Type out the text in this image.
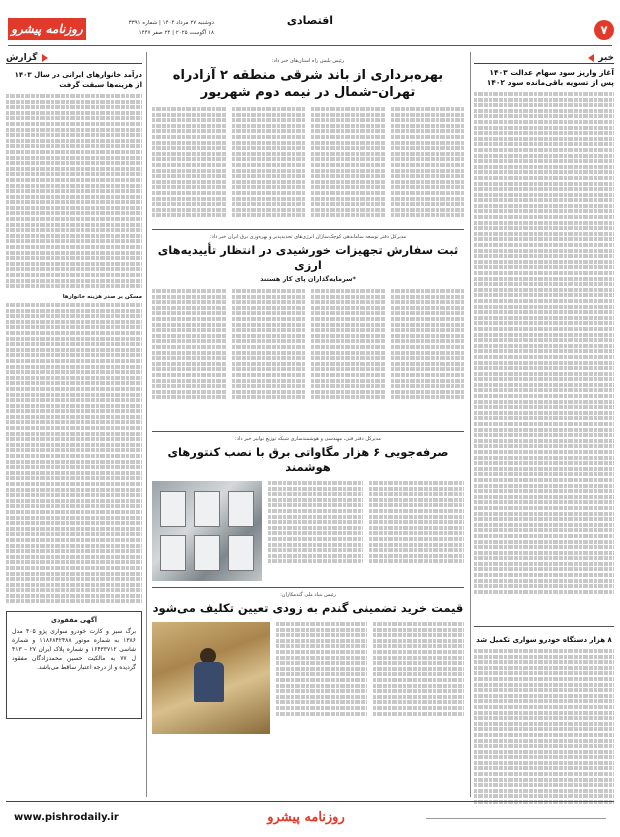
۷
اقتصادی
روزنامه پیشرو	دوشنبه ۲۷ مرداد ۱۴۰۴ | شماره ۳۳۹۱
۱۸ آگوست ۲۰۲۵ | ۲۴ صفر ۱۴۴۷
خبر
آغاز واریز سود سهام عدالت ۱۴۰۳ پس از تسویه باقی‌مانده سود ۱۴۰۲
۸ هزار دستگاه خودرو سواری تکمیل شد
گزارش
درآمد خانوارهای ایرانی در سال ۱۴۰۳ از هزینه‌ها سبقت گرفت
مسکن بر صدر هزینه خانوارها
آگهی مفقودی
برگ سبز و کارت خودرو سواری پژو ۴۰۵ مدل ۱۳۸۶ به شماره موتور ۱۱۸۶۸۴۲۴۸۸ و شماره شاسی ۱۶۴۳۳۷۱۲ و شماره پلاک ایران ۲۷ – ۴۱۳ ل ۷۷ به مالکیت حسین محمدزادگان مفقود گردیده و از درجه اعتبار ساقط می‌باشد.
رئیس پلیس راه استان‌های خبر داد:
بهره‌برداری از باند شرقی منطقه ۲ آزادراه تهران–شمال در نیمه دوم شهریور
مدیرکل دفتر توسعه ساماندهی کوچک‌سازان انرژی‌های تجدیدپذیر و بهره‌وری برق ایران خبر داد:
ثبت سفارش تجهیزات خورشیدی در انتظار تأییدیه‌های ارزی
*سرمایه‌گذاران پای کار هستند
مدیرکل دفتر فنی، مهندسی و هوشمندسازی شبکه توزیع توانیر خبر داد:
صرفه‌جویی ۶ هزار مگاواتی برق با نصب کنتورهای هوشمند
رئیس بنیاد ملی گندمکاران:
قیمت خرید تضمینی گندم به زودی تعیین تکلیف می‌شود
روزنامه پیشرو
www.pishrodaily.ir
